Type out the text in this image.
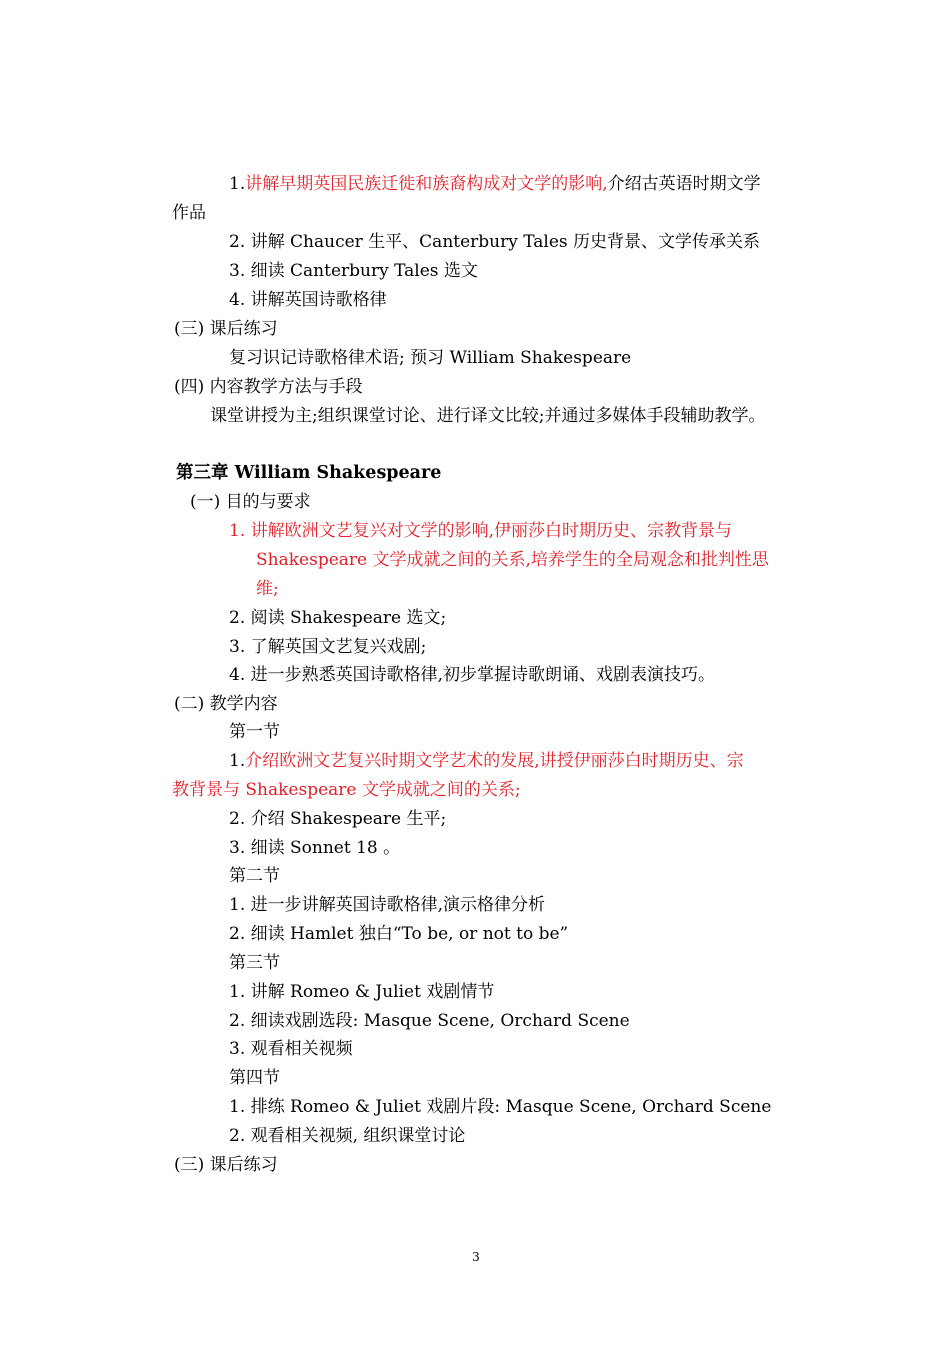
1.讲解早期英国民族迁徙和族裔构成对文学的影响,介绍古英语时期文学
作品
2. 讲解 Chaucer 生平、Canterbury Tales 历史背景、文学传承关系
3. 细读 Canterbury Tales 选文
4. 讲解英国诗歌格律
(三) 课后练习
复习识记诗歌格律术语; 预习 William Shakespeare
(四) 内容教学方法与手段
课堂讲授为主;组织课堂讨论、进行译文比较;并通过多媒体手段辅助教学。
第三章 William Shakespeare
(一) 目的与要求
1. 讲解欧洲文艺复兴对文学的影响,伊丽莎白时期历史、宗教背景与
Shakespeare 文学成就之间的关系,培养学生的全局观念和批判性思
维;
2. 阅读 Shakespeare 选文;
3. 了解英国文艺复兴戏剧;
4. 进一步熟悉英国诗歌格律,初步掌握诗歌朗诵、戏剧表演技巧。
(二) 教学内容
第一节
1.介绍欧洲文艺复兴时期文学艺术的发展,讲授伊丽莎白时期历史、宗
教背景与 Shakespeare 文学成就之间的关系;
2. 介绍 Shakespeare 生平;
3. 细读 Sonnet 18 。
第二节
1. 进一步讲解英国诗歌格律,演示格律分析
2. 细读 Hamlet 独白“To be, or not to be”
第三节
1. 讲解 Romeo & Juliet 戏剧情节
2. 细读戏剧选段: Masque Scene, Orchard Scene
3. 观看相关视频
第四节
1. 排练 Romeo & Juliet 戏剧片段: Masque Scene, Orchard Scene
2. 观看相关视频, 组织课堂讨论
(三) 课后练习
3
